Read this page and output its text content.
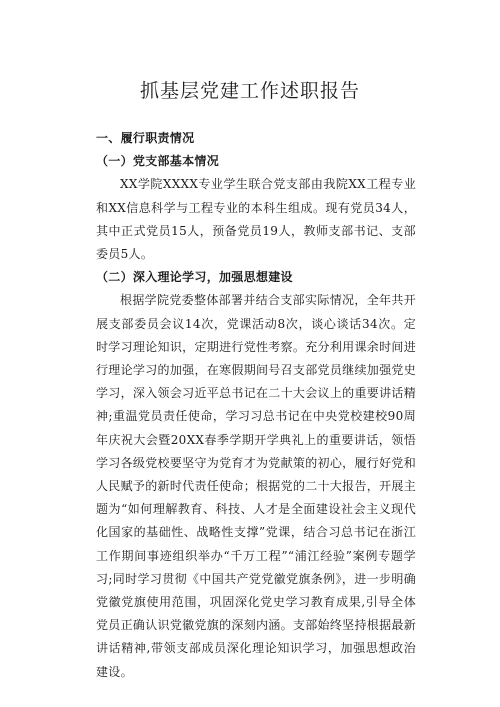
抓基层党建工作述职报告

一、履行职责情况

（一）党支部基本情况

XX学院XXXX专业学生联合党支部由我院XX工程专业和XX信息科学与工程专业的本科生组成。现有党员34人，其中正式党员15人，预备党员19人，教师支部书记、支部委员5人。

（二）深入理论学习，加强思想建设

根据学院党委整体部署并结合支部实际情况，全年共开展支部委员会议14次，党课活动8次，谈心谈话34次。定时学习理论知识，定期进行党性考察。充分利用课余时间进行理论学习的加强，在寒假期间号召支部党员继续加强党史学习，深入领会习近平总书记在二十大会议上的重要讲话精神;重温党员责任使命，学习习总书记在中央党校建校90周年庆祝大会暨20XX春季学期开学典礼上的重要讲话，领悟学习各级党校要坚守为党育才为党献策的初心，履行好党和人民赋予的新时代责任使命；根据党的二十大报告，开展主题为“如何理解教育、科技、人才是全面建设社会主义现代化国家的基础性、战略性支撑”党课，结合习总书记在浙江工作期间事迹组织举办“千万工程”“浦江经验”案例专题学习;同时学习贯彻《中国共产党党徽党旗条例》，进一步明确党徽党旗使用范围，巩固深化党史学习教育成果,引导全体党员正确认识党徽党旗的深刻内涵。支部始终坚持根据最新讲话精神,带领支部成员深化理论知识学习，加强思想政治建设。
